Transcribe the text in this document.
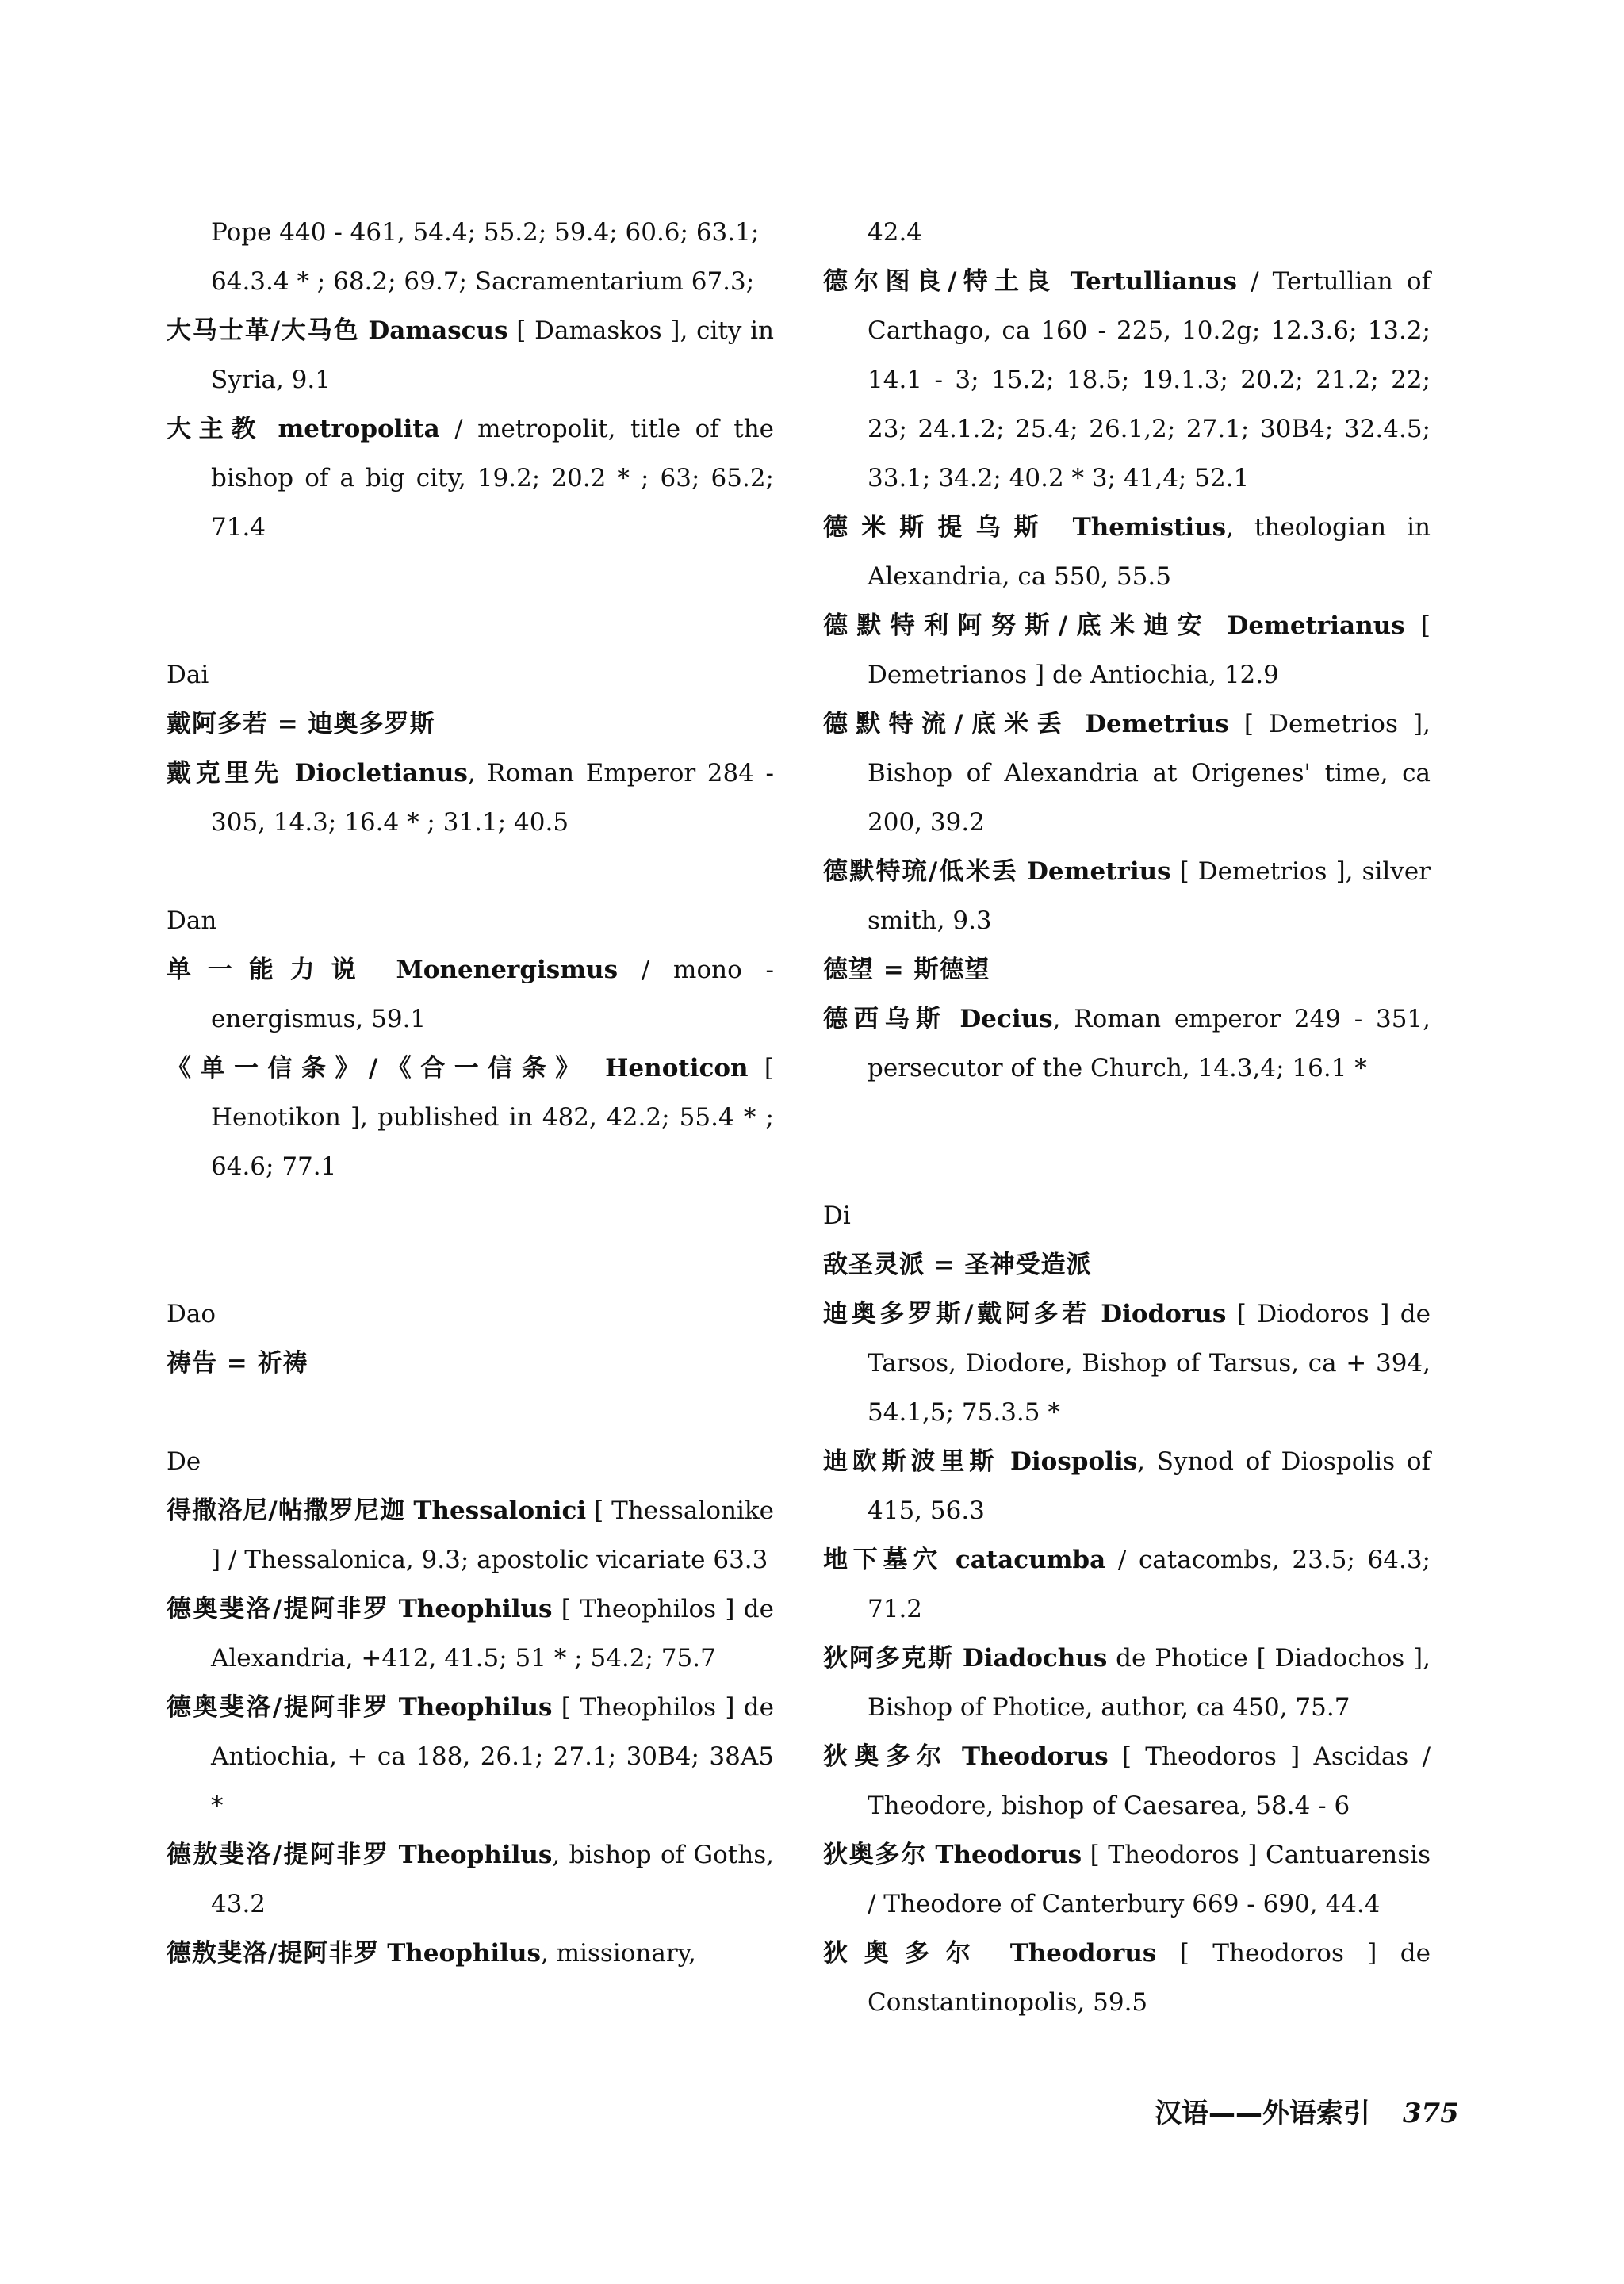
Pope 440 - 461, 54.4; 55.2; 59.4; 60.6; 63.1; 64.3.4 * ; 68.2; 69.7; Sacramentarium 67.3;

大马士革/大马色 Damascus [ Damaskos ], city in Syria, 9.1

大主教 metropolita / metropolit, title of the bishop of a big city, 19.2; 20.2 * ; 63; 65.2; 71.4

Dai

戴阿多若 = 迪奥多罗斯

戴克里先 Diocletianus, Roman Emperor 284 - 305, 14.3; 16.4 * ; 31.1; 40.5

Dan

单一能力说 Monenergismus / mono - energismus, 59.1

《单一信条》/《合一信条》 Henoticon [ Henotikon ], published in 482, 42.2; 55.4 * ; 64.6; 77.1

Dao

祷告 = 祈祷

De

得撒洛尼/帖撒罗尼迦 Thessalonici [ Thessalonike ] / Thessalonica, 9.3; apostolic vicariate 63.3

德奥斐洛/提阿非罗 Theophilus [ Theophilos ] de Alexandria, +412, 41.5; 51 * ; 54.2; 75.7

德奥斐洛/提阿非罗 Theophilus [ Theophilos ] de Antiochia, + ca 188, 26.1; 27.1; 30B4; 38A5 *

德敖斐洛/提阿非罗 Theophilus, bishop of Goths, 43.2

德敖斐洛/提阿非罗 Theophilus, missionary,

42.4

德尔图良/特土良 Tertullianus / Tertullian of Carthago, ca 160 - 225, 10.2g; 12.3.6; 13.2; 14.1 - 3; 15.2; 18.5; 19.1.3; 20.2; 21.2; 22; 23; 24.1.2; 25.4; 26.1,2; 27.1; 30B4; 32.4.5; 33.1; 34.2; 40.2 * 3; 41,4; 52.1

德米斯提乌斯 Themistius, theologian in Alexandria, ca 550, 55.5

德默特利阿努斯/底米迪安 Demetrianus [ Demetrianos ] de Antiochia, 12.9

德默特流/底米丢 Demetrius [ Demetrios ], Bishop of Alexandria at Origenes' time, ca 200, 39.2

德默特琉/低米丢 Demetrius [ Demetrios ], silver smith, 9.3

德望 = 斯德望

德西乌斯 Decius, Roman emperor 249 - 351, persecutor of the Church, 14.3,4; 16.1 *

Di

敌圣灵派 = 圣神受造派

迪奥多罗斯/戴阿多若 Diodorus [ Diodoros ] de Tarsos, Diodore, Bishop of Tarsus, ca + 394, 54.1,5; 75.3.5 *

迪欧斯波里斯 Diospolis, Synod of Diospolis of 415, 56.3

地下墓穴 catacumba / catacombs, 23.5; 64.3; 71.2

狄阿多克斯 Diadochus de Photice [ Diadochos ], Bishop of Photice, author, ca 450, 75.7

狄奥多尔 Theodorus [ Theodoros ] Ascidas / Theodore, bishop of Caesarea, 58.4 - 6

狄奥多尔 Theodorus [ Theodoros ] Cantuarensis / Theodore of Canterbury 669 - 690, 44.4

狄奥多尔 Theodorus [ Theodoros ] de Constantinopolis, 59.5

汉语——外语索引 375
